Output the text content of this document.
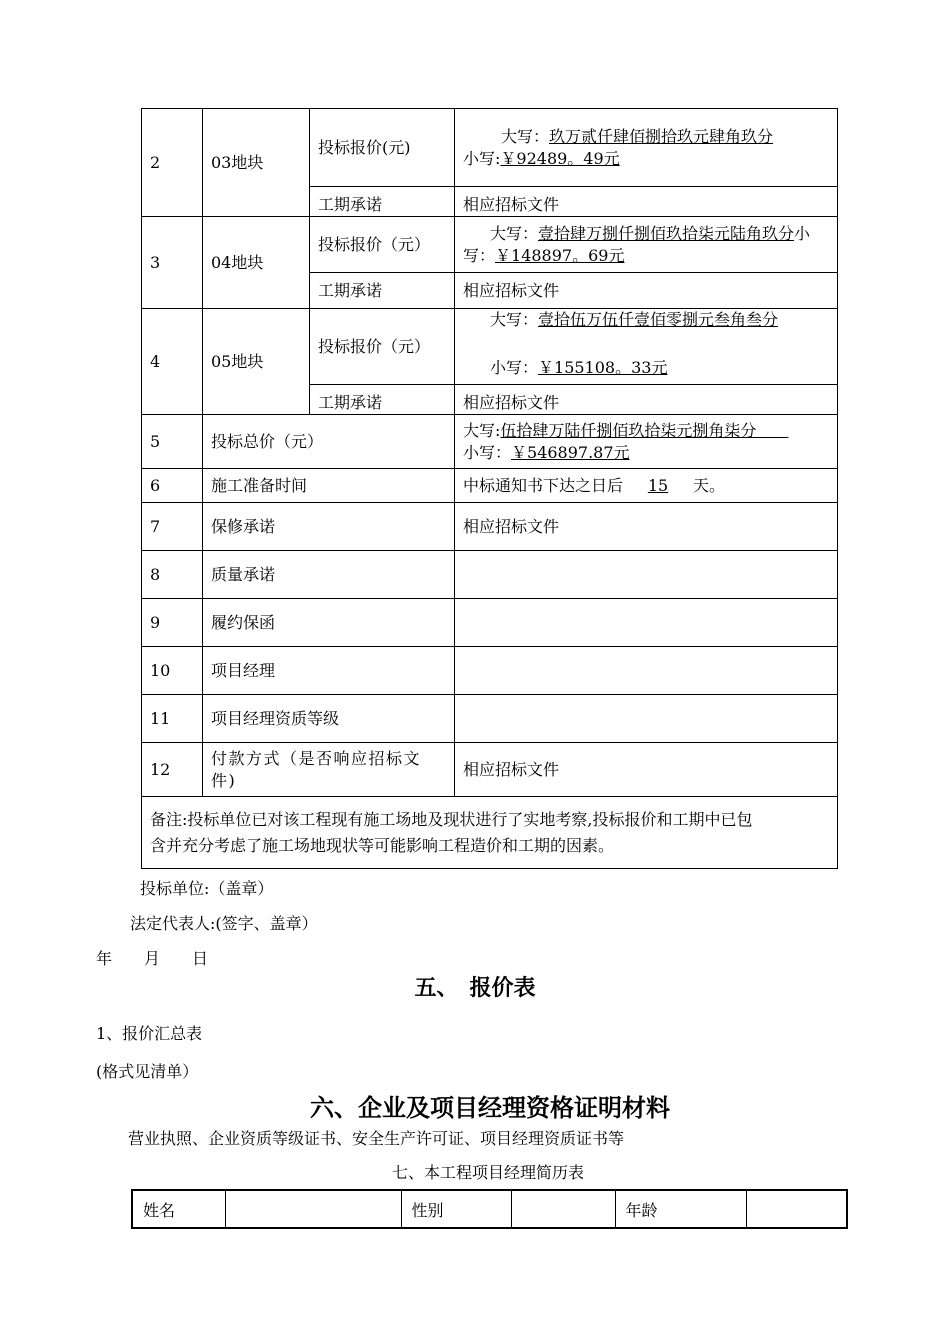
2	03地块	投标报价(元)	大写：玖万贰仟肆佰捌拾玖元肆角玖分
小写:￥92489。49元

		工期承诺	相应招标文件
3	04地块	投标报价（元）	大写：壹拾肆万捌仟捌佰玖拾柒元陆角玖分小
写：￥148897。69元

		工期承诺	相应招标文件
4	05地块	投标报价（元）	大写：壹拾伍万伍仟壹佰零捌元叁角叁分
小写：￥155108。33元

		工期承诺	相应招标文件
5	投标总价（元）		大写:伍拾肆万陆仟捌佰玖拾柒元捌角柒分　　
小写：￥546897.87元

6	施工准备时间		中标通知书下达之日后 15 天。
7	保修承诺		相应招标文件
8	质量承诺		
9	履约保函		
10	项目经理		
11	项目经理资质等级		
12	付款方式（是否响应招标文
件)		相应招标文件

备注:投标单位已对该工程现有施工场地及现状进行了实地考察,投标报价和工期中已包
含并充分考虑了施工场地现状等可能影响工程造价和工期的因素。			
投标单位:（盖章）
法定代表人:(签字、盖章）
年　　月　　日
五、　报价表
1、报价汇总表
(格式见清单）
六、企业及项目经理资格证明材料
营业执照、企业资质等级证书、安全生产许可证、项目经理资质证书等
七、本工程项目经理简历表
姓名		性别		年龄	
